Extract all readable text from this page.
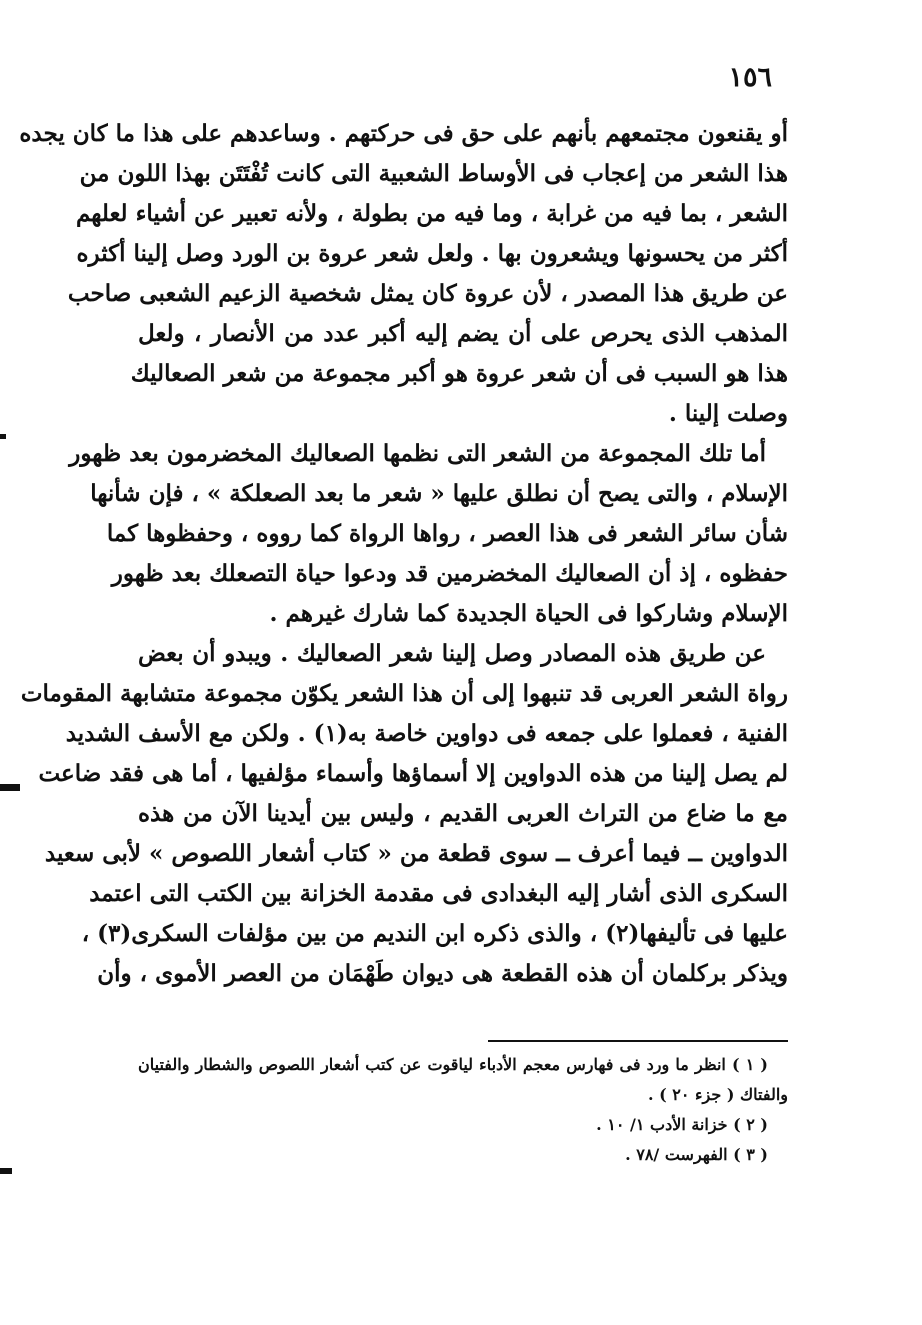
١٥٦
أو يقنعون مجتمعهم بأنهم على حق فى حركتهم . وساعدهم على هذا ما كان يجده
هذا الشعر من إعجاب فى الأوساط الشعبية التى كانت تُفْتَتَن بهذا اللون من
الشعر ، بما فيه من غرابة ، وما فيه من بطولة ، ولأنه تعبير عن أشياء لعلهم
أكثر من يحسونها ويشعرون بها . ولعل شعر عروة بن الورد وصل إلينا أكثره
عن طريق هذا المصدر ، لأن عروة كان يمثل شخصية الزعيم الشعبى صاحب
المذهب الذى يحرص على أن يضم إليه أكبر عدد من الأنصار ، ولعل
هذا هو السبب فى أن شعر عروة هو أكبر مجموعة من شعر الصعاليك
وصلت إلينا .
أما تلك المجموعة من الشعر التى نظمها الصعاليك المخضرمون بعد ظهور
الإسلام ، والتى يصح أن نطلق عليها « شعر ما بعد الصعلكة » ، فإن شأنها
شأن سائر الشعر فى هذا العصر ، رواها الرواة كما رووه ، وحفظوها كما
حفظوه ، إذ أن الصعاليك المخضرمين قد ودعوا حياة التصعلك بعد ظهور
الإسلام وشاركوا فى الحياة الجديدة كما شارك غيرهم .
عن طريق هذه المصادر وصل إلينا شعر الصعاليك . ويبدو أن بعض
رواة الشعر العربى قد تنبهوا إلى أن هذا الشعر يكوّن مجموعة متشابهة المقومات
الفنية ، فعملوا على جمعه فى دواوين خاصة به(١) . ولكن مع الأسف الشديد
لم يصل إلينا من هذه الدواوين إلا أسماؤها وأسماء مؤلفيها ، أما هى فقد ضاعت
مع ما ضاع من التراث العربى القديم ، وليس بين أيدينا الآن من هذه
الدواوين ــ فيما أعرف ــ سوى قطعة من « كتاب أشعار اللصوص » لأبى سعيد
السكرى الذى أشار إليه البغدادى فى مقدمة الخزانة بين الكتب التى اعتمد
عليها فى تأليفها(٢) ، والذى ذكره ابن النديم من بين مؤلفات السكرى(٣) ،
ويذكر بركلمان أن هذه القطعة هى ديوان طَهْمَان من العصر الأموى ، وأن
( ١ ) انظر ما ورد فى فهارس معجم الأدباء لياقوت عن كتب أشعار اللصوص والشطار والفتيان
والفتاك ( جزء ٢٠ ) .
( ٢ ) خزانة الأدب ١/ ١٠ .
( ٣ ) الفهرست /٧٨ .
